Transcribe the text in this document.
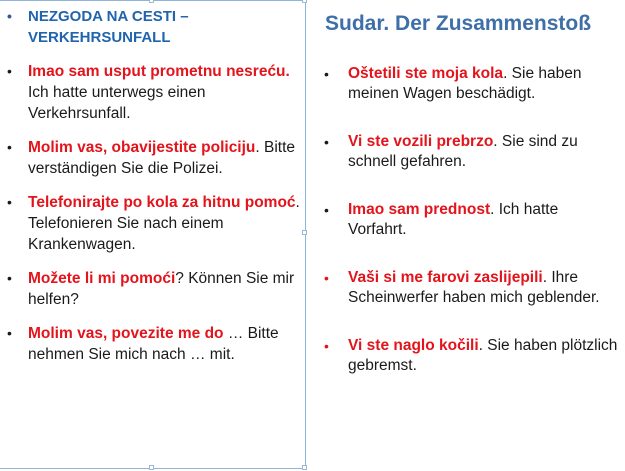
• NEZGODA NA CESTI – VERKEHRSUNFALL
• Imao sam usput prometnu nesreću. Ich hatte unterwegs einen Verkehrsunfall.
• Molim vas, obavijestite policiju. Bitte verständigen Sie die Polizei.
• Telefonirajte po kola za hitnu pomoć. Telefonieren Sie nach einem Krankenwagen.
• Možete li mi pomoći? Können Sie mir helfen?
• Molim vas, povezite me do … Bitte nehmen Sie mich nach … mit.
Sudar. Der Zusammenstoß
• Oštetili ste moja kola. Sie haben meinen Wagen beschädigt.
• Vi ste vozili prebrzo. Sie sind zu schnell gefahren.
• Imao sam prednost. Ich hatte Vorfahrt.
• Vaši si me farovi zaslijepili. Ihre Scheinwerfer haben mich geblender.
• Vi ste naglo kočili. Sie haben plötzlich gebremst.
